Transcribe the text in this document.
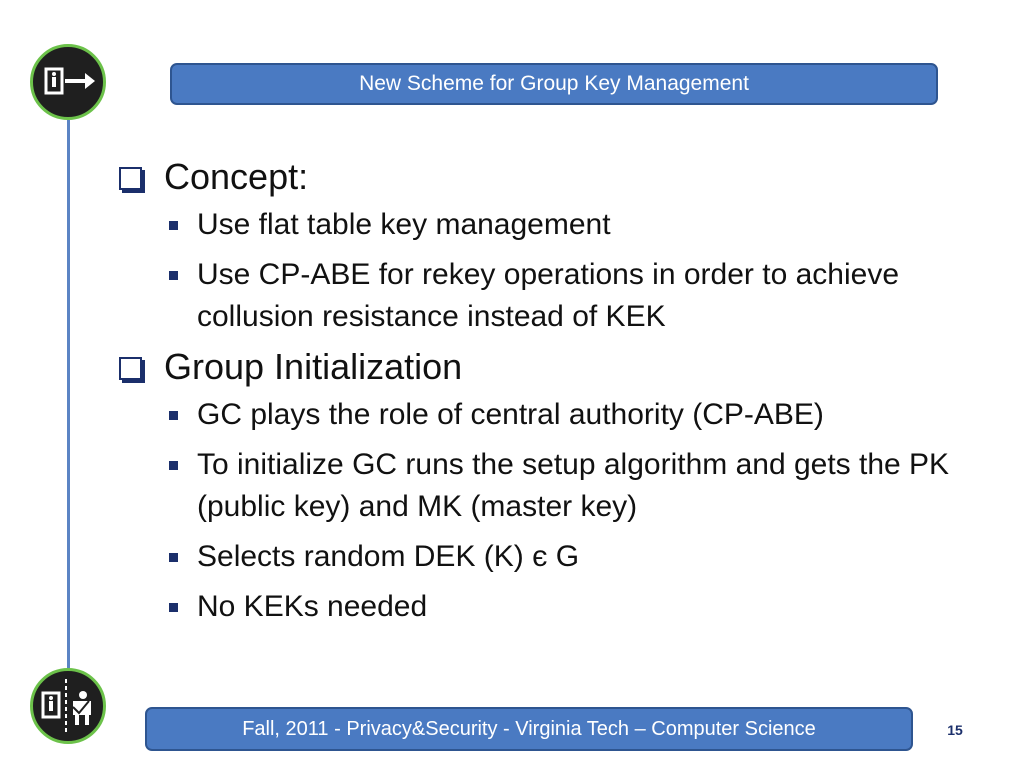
New Scheme for Group Key Management
Concept:
Use flat table key management
Use CP-ABE for rekey operations in order to achieve collusion resistance instead of KEK
Group Initialization
GC plays the role of central authority (CP-ABE)
To initialize GC runs the setup algorithm and gets the PK (public key) and MK (master key)
Selects random DEK (K) є G
No KEKs needed
Fall, 2011 - Privacy&Security - Virginia Tech – Computer Science	15
